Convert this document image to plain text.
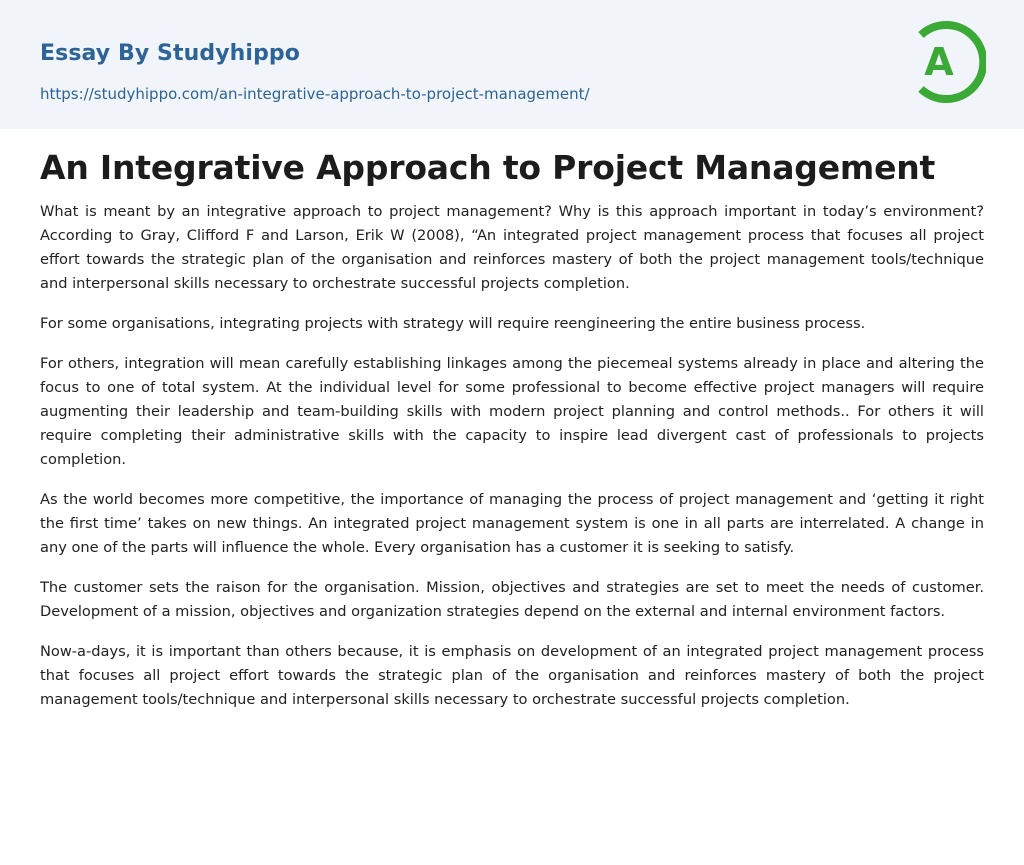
Essay By Studyhippo
https://studyhippo.com/an-integrative-approach-to-project-management/
A
An Integrative Approach to Project Management

What is meant by an integrative approach to project management? Why is this approach important in today’s environment? According to Gray, Clifford F and Larson, Erik W (2008), “An integrated project management process that focuses all project effort towards the strategic plan of the organisation and reinforces mastery of both the project management tools/technique and interpersonal skills necessary to orchestrate successful projects completion.

For some organisations, integrating projects with strategy will require reengineering the entire business process.

For others, integration will mean carefully establishing linkages among the piecemeal systems already in place and altering the focus to one of total system. At the individual level for some professional to become effective project managers will require augmenting their leadership and team-building skills with modern project planning and control methods.. For others it will require completing their administrative skills with the capacity to inspire lead divergent cast of professionals to projects completion.

As the world becomes more competitive, the importance of managing the process of project management and ‘getting it right the first time’ takes on new things. An integrated project management system is one in all parts are interrelated. A change in any one of the parts will influence the whole. Every organisation has a customer it is seeking to satisfy.

The customer sets the raison for the organisation. Mission, objectives and strategies are set to meet the needs of customer. Development of a mission, objectives and organization strategies depend on the external and internal environment factors.

Now-a-days, it is important than others because, it is emphasis on development of an integrated project management process that focuses all project effort towards the strategic plan of the organisation and reinforces mastery of both the project management tools/technique and interpersonal skills necessary to orchestrate successful projects completion.
